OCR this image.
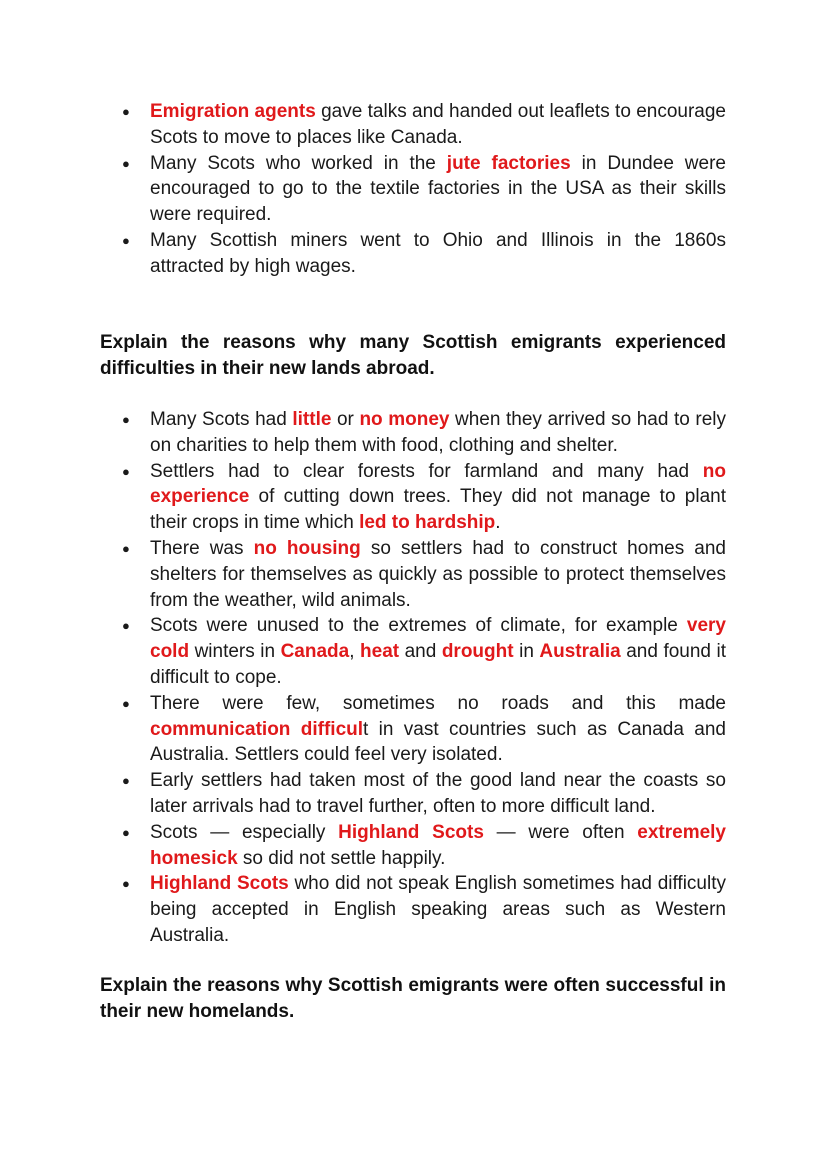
● Emigration agents gave talks and handed out leaflets to encourage Scots to move to places like Canada.
● Many Scots who worked in the jute factories in Dundee were encouraged to go to the textile factories in the USA as their skills were required.
● Many Scottish miners went to Ohio and Illinois in the 1860s attracted by high wages.

Explain the reasons why many Scottish emigrants experienced difficulties in their new lands abroad.

● Many Scots had little or no money when they arrived so had to rely on charities to help them with food, clothing and shelter.
● Settlers had to clear forests for farmland and many had no experience of cutting down trees. They did not manage to plant their crops in time which led to hardship.
● There was no housing so settlers had to construct homes and shelters for themselves as quickly as possible to protect themselves from the weather, wild animals.
● Scots were unused to the extremes of climate, for example very cold winters in Canada, heat and drought in Australia and found it difficult to cope.
● There were few, sometimes no roads and this made communication difficult in vast countries such as Canada and Australia. Settlers could feel very isolated.
● Early settlers had taken most of the good land near the coasts so later arrivals had to travel further, often to more difficult land.
● Scots — especially Highland Scots — were often extremely homesick so did not settle happily.
● Highland Scots who did not speak English sometimes had difficulty being accepted in English speaking areas such as Western Australia.

Explain the reasons why Scottish emigrants were often successful in their new homelands.
